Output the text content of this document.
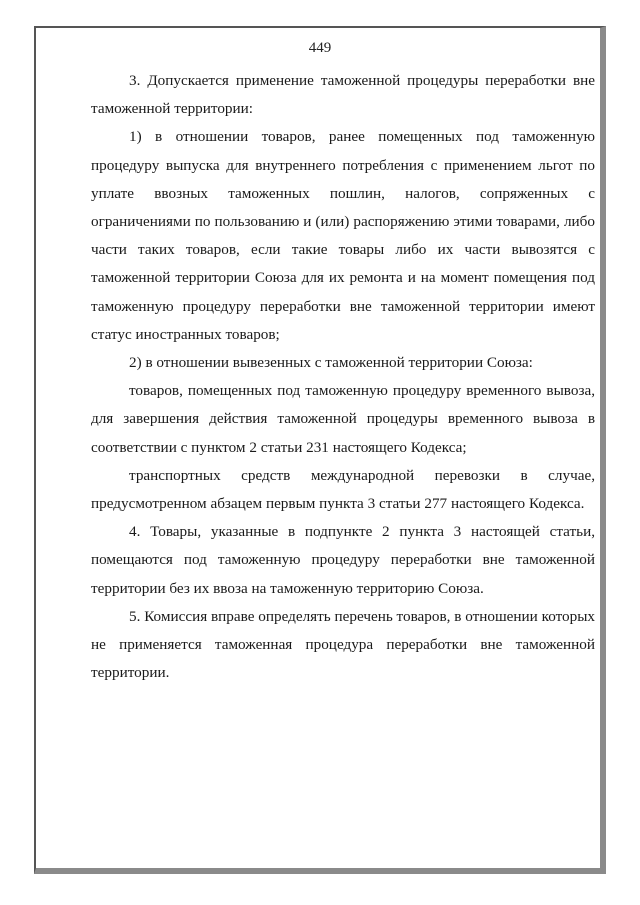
449

3. Допускается применение таможенной процедуры переработки вне таможенной территории:

1) в отношении товаров, ранее помещенных под таможенную процедуру выпуска для внутреннего потребления с применением льгот по уплате ввозных таможенных пошлин, налогов, сопряженных с ограничениями по пользованию и (или) распоряжению этими товарами, либо части таких товаров, если такие товары либо их части вывозятся с таможенной территории Союза для их ремонта и на момент помещения под таможенную процедуру переработки вне таможенной территории имеют статус иностранных товаров;

2) в отношении вывезенных с таможенной территории Союза:

товаров, помещенных под таможенную процедуру временного вывоза, для завершения действия таможенной процедуры временного вывоза в соответствии с пунктом 2 статьи 231 настоящего Кодекса;

транспортных средств международной перевозки в случае, предусмотренном абзацем первым пункта 3 статьи 277 настоящего Кодекса.

4. Товары, указанные в подпункте 2 пункта 3 настоящей статьи, помещаются под таможенную процедуру переработки вне таможенной территории без их ввоза на таможенную территорию Союза.

5. Комиссия вправе определять перечень товаров, в отношении которых не применяется таможенная процедура переработки вне таможенной территории.
